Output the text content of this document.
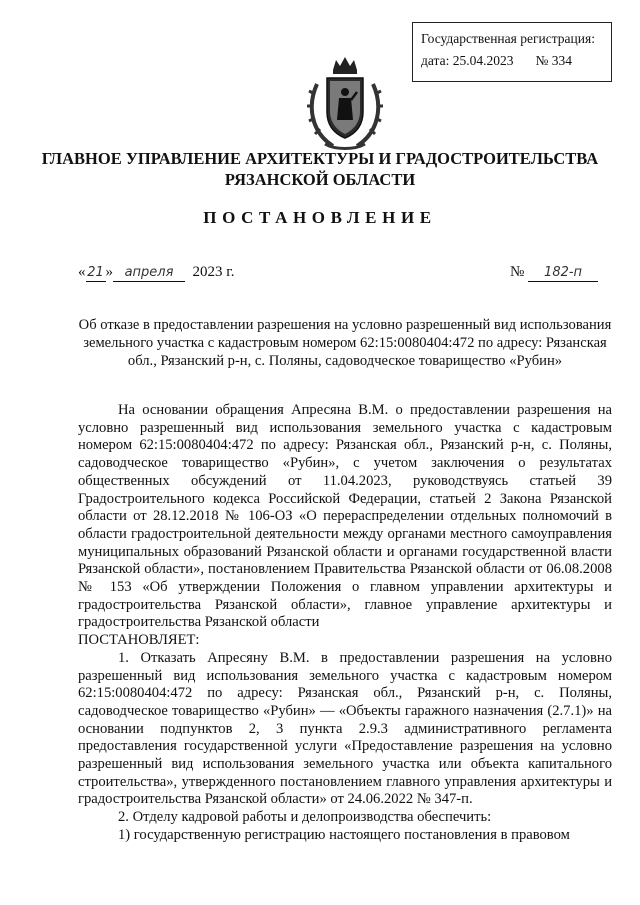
Государственная регистрация:
дата: 25.04.2023 № 334
ГЛАВНОЕ УПРАВЛЕНИЕ АРХИТЕКТУРЫ И ГРАДОСТРОИТЕЛЬСТВА
РЯЗАНСКОЙ ОБЛАСТИ
ПОСТАНОВЛЕНИЕ
« 21 » апреля 2023 г.	№ 182-п
Об отказе в предоставлении разрешения на условно разрешенный вид использования земельного участка с кадастровым номером 62:15:0080404:472 по адресу: Рязанская обл., Рязанский р-н, с. Поляны, садоводческое товарищество «Рубин»

На основании обращения Апресяна В.М. о предоставлении разрешения на условно разрешенный вид использования земельного участка с кадастровым номером 62:15:0080404:472 по адресу: Рязанская обл., Рязанский р-н, с. Поляны, садоводческое товарищество «Рубин», с учетом заключения о результатах общественных обсуждений от 11.04.2023, руководствуясь статьей 39 Градостроительного кодекса Российской Федерации, статьей 2 Закона Рязанской области от 28.12.2018 № 106-ОЗ «О перераспределении отдельных полномочий в области градостроительной деятельности между органами местного самоуправления муниципальных образований Рязанской области и органами государственной власти Рязанской области», постановлением Правительства Рязанской области от 06.08.2008 № 153 «Об утверждении Положения о главном управлении архитектуры и градостроительства Рязанской области», главное управление архитектуры и градостроительства Рязанской области

ПОСТАНОВЛЯЕТ:

1. Отказать Апресяну В.М. в предоставлении разрешения на условно разрешенный вид использования земельного участка с кадастровым номером 62:15:0080404:472 по адресу: Рязанская обл., Рязанский р-н, с. Поляны, садоводческое товарищество «Рубин» — «Объекты гаражного назначения (2.7.1)» на основании подпунктов 2, 3 пункта 2.9.3 административного регламента предоставления государственной услуги «Предоставление разрешения на условно разрешенный вид использования земельного участка или объекта капитального строительства», утвержденного постановлением главного управления архитектуры и градостроительства Рязанской области» от 24.06.2022 № 347-п.

2. Отделу кадровой работы и делопроизводства обеспечить:

1) государственную регистрацию настоящего постановления в правовом
